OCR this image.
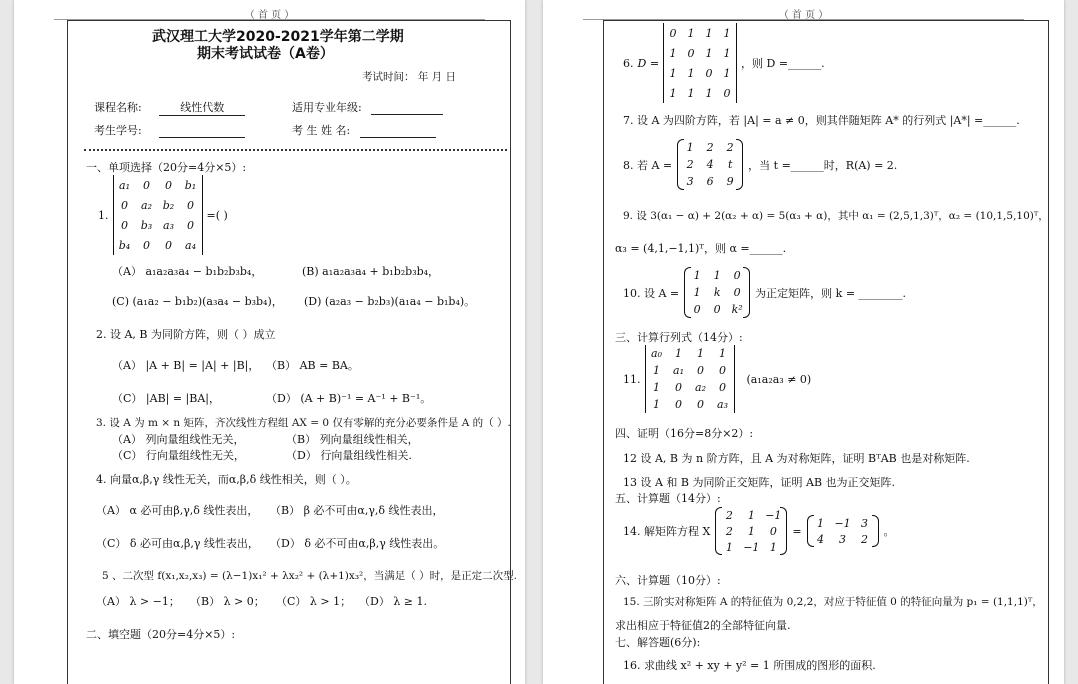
（ 首 页 ）
武汉理工大学2020-2021学年第二学期
期末考试试卷（A卷）
考试时间： 年 月 日
课程名称:	线性代数	适用专业年级:
考生学号:	考 生 姓 名:
一、单项选择（20分=4分×5）:
1.
a₁	0	0	b₁
0	a₂	b₂	0
0	b₃	a₃	0
b₄	0	0	a₄
=( )
（A） a₁a₂a₃a₄ − b₁b₂b₃b₄，	(B) a₁a₂a₃a₄ + b₁b₂b₃b₄，
(C) (a₁a₂ − b₁b₂)(a₃a₄ − b₃b₄)， (D) (a₂a₃ − b₂b₃)(a₁a₄ − b₁b₄)。
2. 设 A, B 为同阶方阵，则（ ）成立
（A） |A + B| = |A| + |B|， （B） AB = BA。
（C） |AB| = |BA|，	（D） (A + B)⁻¹ = A⁻¹ + B⁻¹。
3. 设 A 为 m × n 矩阵，齐次线性方程组 AX = 0 仅有零解的充分必要条件是 A 的（ ）.
（A） 列向量组线性无关，	（B） 列向量组线性相关，
（C） 行向量组线性无关，	（D） 行向量组线性相关.
4. 向量α,β,γ 线性无关，而α,β,δ 线性相关，则（ ）。
（A） α 必可由β,γ,δ 线性表出， （B） β 必不可由α,γ,δ 线性表出，
（C） δ 必可由α,β,γ 线性表出， （D） δ 必不可由α,β,γ 线性表出。
5 、二次型 f(x₁,x₂,x₃) = (λ−1)x₁² + λx₂² + (λ+1)x₃²，当满足（ ）时，是正定二次型.
（A） λ > −1； （B） λ > 0； （C） λ > 1； （D） λ ≥ 1.
二、填空题（20分=4分×5）:
（ 首 页 ）
6. D =
0	1	1	1
1	0	1	1
1	1	0	1
1	1	1	0
，则 D =______.
7. 设 A 为四阶方阵，若 |A| = a ≠ 0，则其伴随矩阵 A* 的行列式 |A*| =______.
8. 若 A =
1	2	2
2	4	t
3	6	9
，当 t =______时，R(A) = 2.
9. 设 3(α₁ − α) + 2(α₂ + α) = 5(α₃ + α)，其中 α₁ = (2,5,1,3)ᵀ，α₂ = (10,1,5,10)ᵀ，
α₃ = (4,1,−1,1)ᵀ，则 α =______.
10. 设 A =
1	1	0
1	k	0
0	0	k²
为正定矩阵，则 k = ________.
三、计算行列式（14分）:
11.
a₀	1	1	1
1	a₁	0	0
1	0	a₂	0
1	0	0	a₃
(a₁a₂a₃ ≠ 0)
四、证明（16分=8分×2）:
12 设 A, B 为 n 阶方阵，且 A 为对称矩阵，证明 BᵀAB 也是对称矩阵.
13 设 A 和 B 为同阶正交矩阵，证明 AB 也为正交矩阵.
五、计算题（14分）:
14. 解矩阵方程 X
2	1	−1
2	1	0
1	−1	1
=
1	−1	3
4	3	2
。
六、计算题（10分）:
15. 三阶实对称矩阵 A 的特征值为 0,2,2，对应于特征值 0 的特征向量为 p₁ = (1,1,1)ᵀ，
求出相应于特征值2的全部特征向量.
七、解答题(6分):
16. 求曲线 x² + xy + y² = 1 所围成的图形的面积.
